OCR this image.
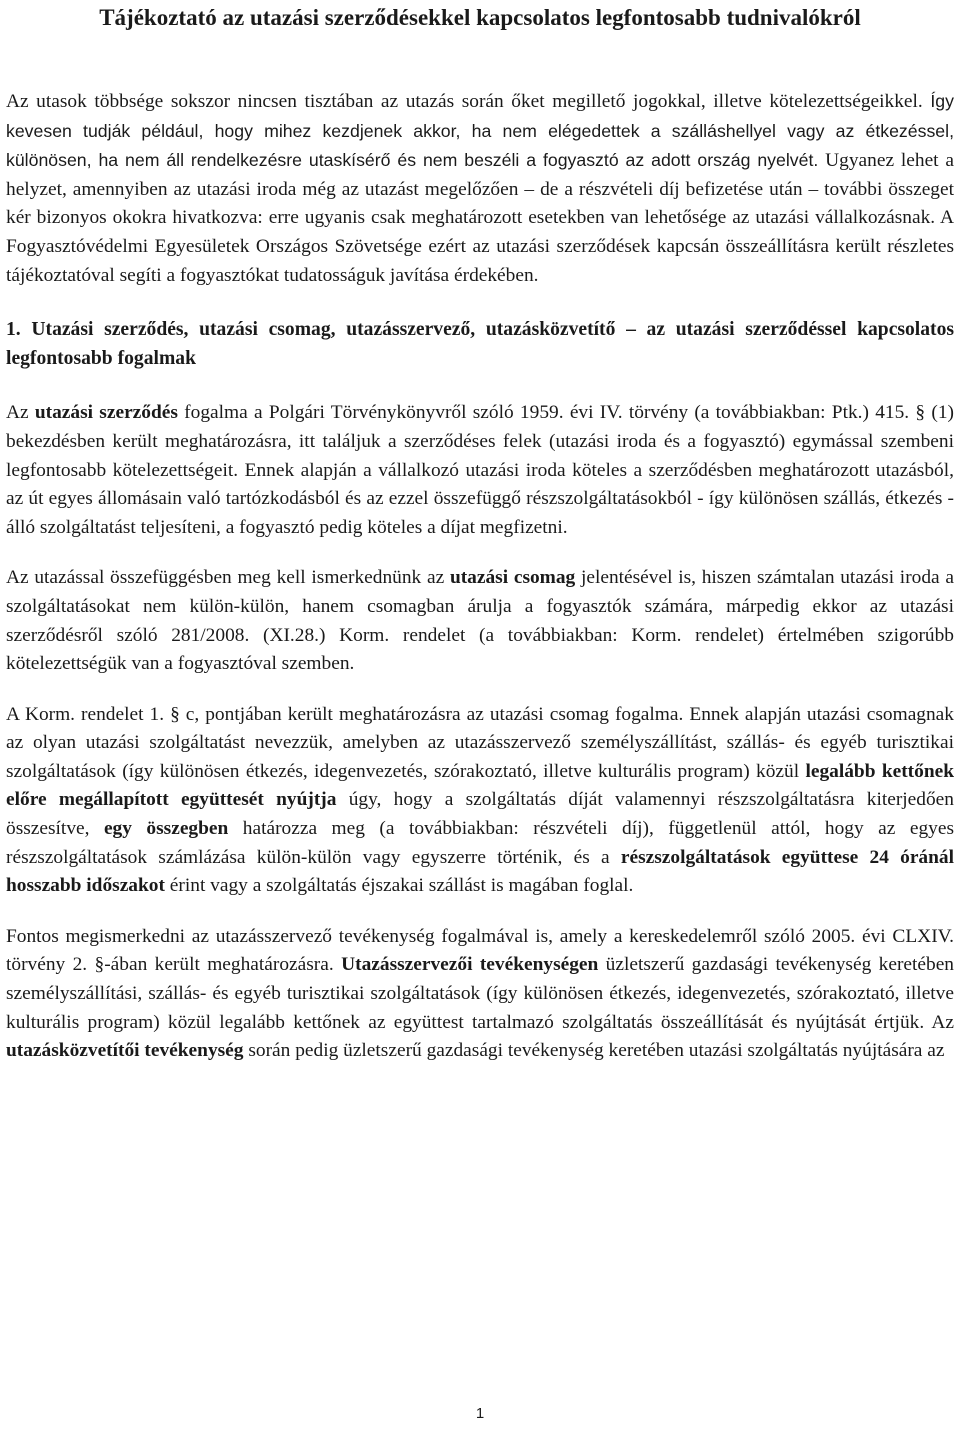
Tájékoztató az utazási szerződésekkel kapcsolatos legfontosabb tudnivalókról

Az utasok többsége sokszor nincsen tisztában az utazás során őket megillető jogokkal, illetve kötelezettségeikkel. Így kevesen tudják például, hogy mihez kezdjenek akkor, ha nem elégedettek a szálláshellyel vagy az étkezéssel, különösen, ha nem áll rendelkezésre utaskísérő és nem beszéli a fogyasztó az adott ország nyelvét. Ugyanez lehet a helyzet, amennyiben az utazási iroda még az utazást megelőzően – de a részvételi díj befizetése után – további összeget kér bizonyos okokra hivatkozva: erre ugyanis csak meghatározott esetekben van lehetősége az utazási vállalkozásnak. A Fogyasztóvédelmi Egyesületek Országos Szövetsége ezért az utazási szerződések kapcsán összeállításra került részletes tájékoztatóval segíti a fogyasztókat tudatosságuk javítása érdekében.

1. Utazási szerződés, utazási csomag, utazásszervező, utazásközvetítő – az utazási szerződéssel kapcsolatos legfontosabb fogalmak

Az utazási szerződés fogalma a Polgári Törvénykönyvről szóló 1959. évi IV. törvény (a továbbiakban: Ptk.) 415. § (1) bekezdésben került meghatározásra, itt találjuk a szerződéses felek (utazási iroda és a fogyasztó) egymással szembeni legfontosabb kötelezettségeit. Ennek alapján a vállalkozó utazási iroda köteles a szerződésben meghatározott utazásból, az út egyes állomásain való tartózkodásból és az ezzel összefüggő részszolgáltatásokból - így különösen szállás, étkezés - álló szolgáltatást teljesíteni, a fogyasztó pedig köteles a díjat megfizetni.

Az utazással összefüggésben meg kell ismerkednünk az utazási csomag jelentésével is, hiszen számtalan utazási iroda a szolgáltatásokat nem külön-külön, hanem csomagban árulja a fogyasztók számára, márpedig ekkor az utazási szerződésről szóló 281/2008. (XI.28.) Korm. rendelet (a továbbiakban: Korm. rendelet) értelmében szigorúbb kötelezettségük van a fogyasztóval szemben.

A Korm. rendelet 1. § c, pontjában került meghatározásra az utazási csomag fogalma. Ennek alapján utazási csomagnak az olyan utazási szolgáltatást nevezzük, amelyben az utazásszervező személyszállítást, szállás- és egyéb turisztikai szolgáltatások (így különösen étkezés, idegenvezetés, szórakoztató, illetve kulturális program) közül legalább kettőnek előre megállapított együttesét nyújtja úgy, hogy a szolgáltatás díját valamennyi részszolgáltatásra kiterjedően összesítve, egy összegben határozza meg (a továbbiakban: részvételi díj), függetlenül attól, hogy az egyes részszolgáltatások számlázása külön-külön vagy egyszerre történik, és a részszolgáltatások együttese 24 óránál hosszabb időszakot érint vagy a szolgáltatás éjszakai szállást is magában foglal.

Fontos megismerkedni az utazásszervező tevékenység fogalmával is, amely a kereskedelemről szóló 2005. évi CLXIV. törvény 2. §-ában került meghatározásra. Utazásszervezői tevékenységen üzletszerű gazdasági tevékenység keretében személyszállítási, szállás- és egyéb turisztikai szolgáltatások (így különösen étkezés, idegenvezetés, szórakoztató, illetve kulturális program) közül legalább kettőnek az együttest tartalmazó szolgáltatás összeállítását és nyújtását értjük. Az utazásközvetítői tevékenység során pedig üzletszerű gazdasági tevékenység keretében utazási szolgáltatás nyújtására az

1
